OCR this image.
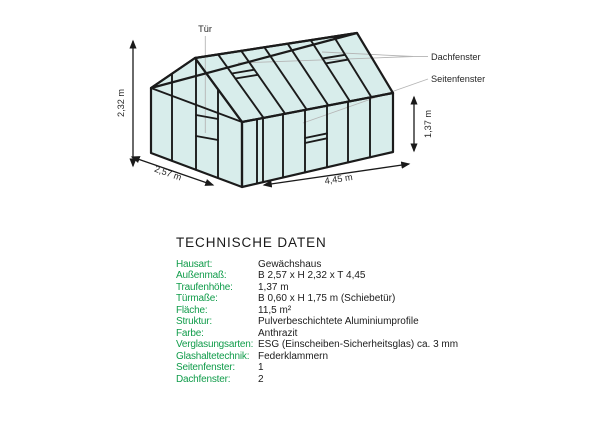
Tür
Dachfenster
Seitenfenster
2,32 m
1,37 m
2,57 m	4,45 m
TECHNISCHE DATEN
Hausart:	Gewächshaus
Außenmaß:	B 2,57 x H 2,32 x T 4,45
Traufenhöhe:	1,37 m
Türmaße:	B 0,60 x H 1,75 m (Schiebetür)
Fläche:	11,5 m²
Struktur:	Pulverbeschichtete Aluminiumprofile
Farbe:	Anthrazit
Verglasungsarten: ESG (Einscheiben-Sicherheitsglas) ca. 3 mm
Glashaltetechnik: Federklammern
Seitenfenster:	1
Dachfenster:	2
